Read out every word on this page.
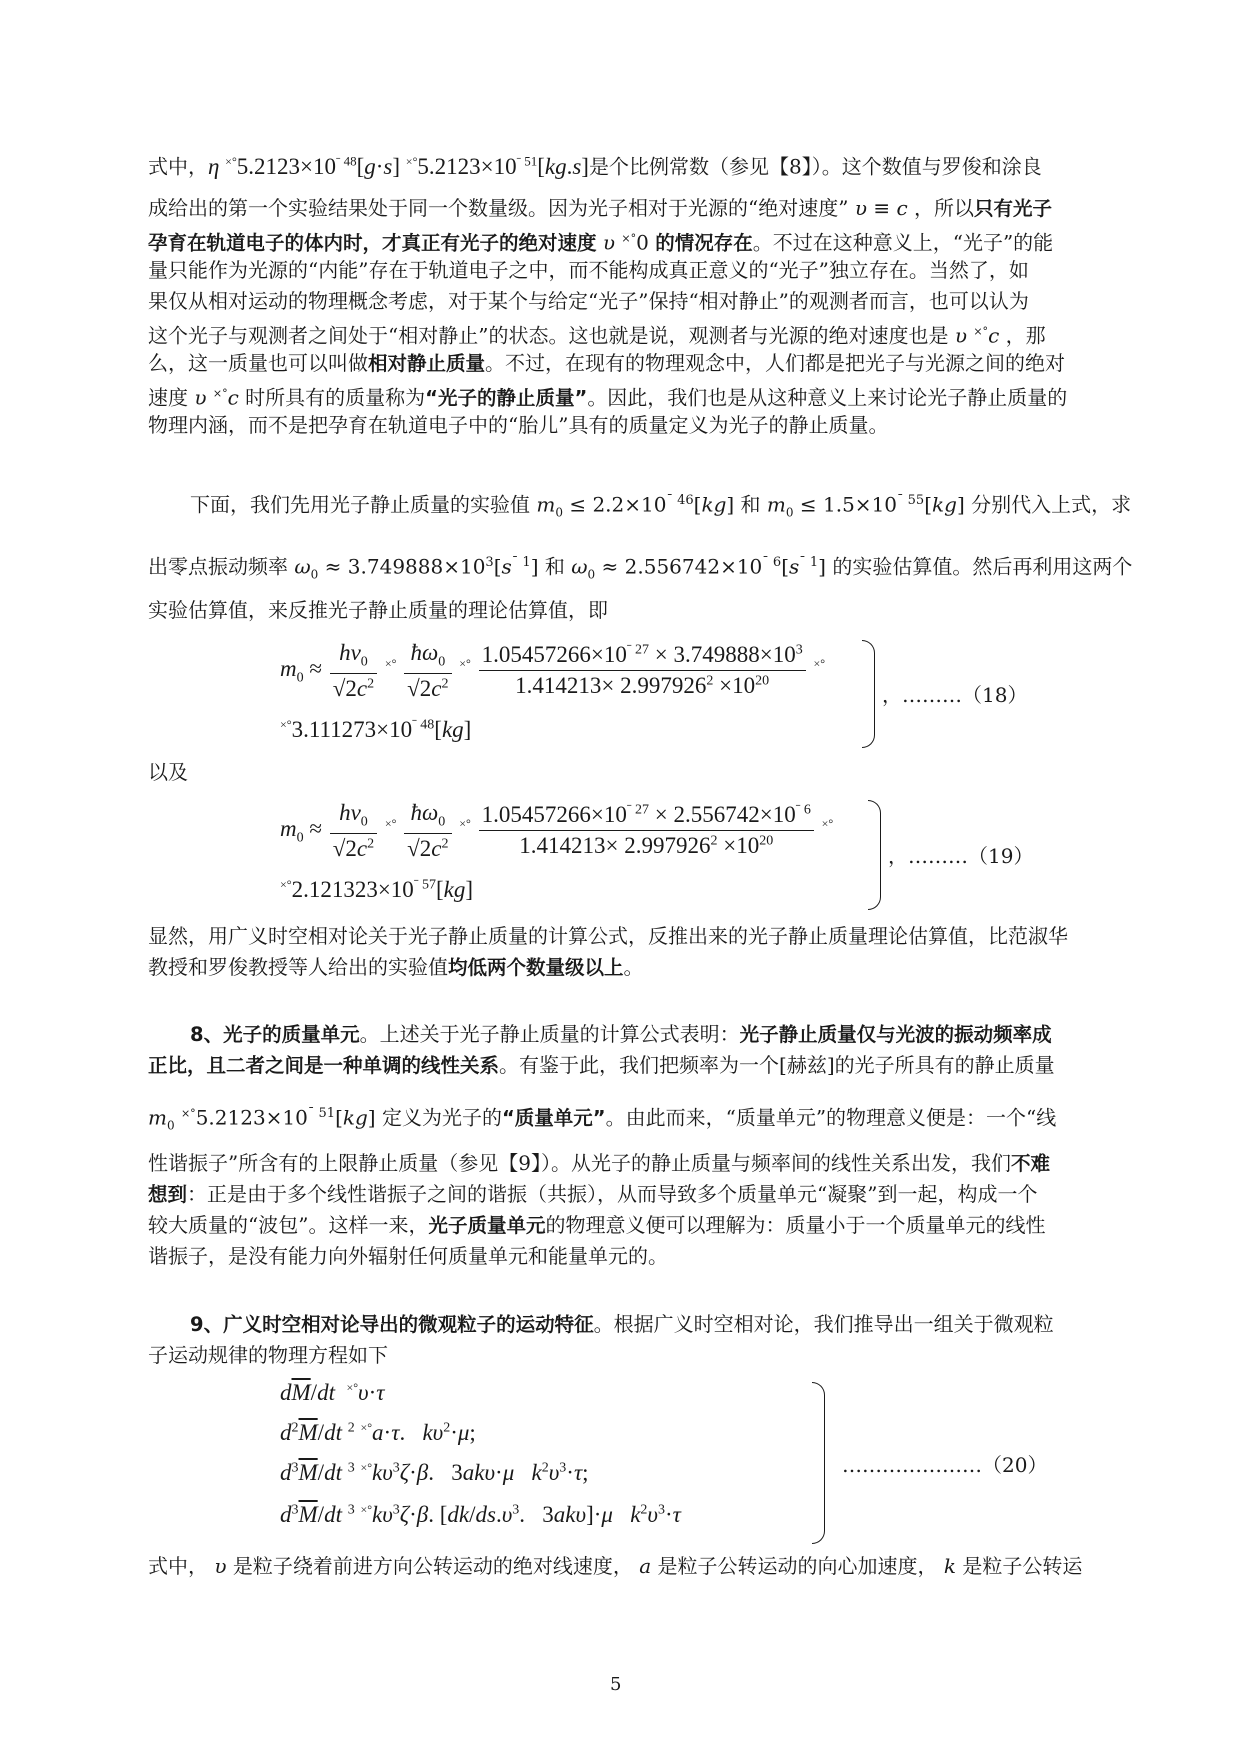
式中，η $^{\times^\circ}5.2123\times 10^{ˉ 48}[g\cdot s]$ $^{\times^\circ}5.2123\times 10^{ˉ 51}[kg.s]$是个比例常数（参见【8】）。这个数值与罗俊和涂良
成给出的第一个实验结果处于同一个数量级。因为光子相对于光源的“绝对速度” υ ≡ c ，所以只有光子
孕育在轨道电子的体内时，才真正有光子的绝对速度 υ ×°0 的情况存在。不过在这种意义上，“光子”的能
量只能作为光源的“内能”存在于轨道电子之中，而不能构成真正意义的“光子”独立存在。当然了，如
果仅从相对运动的物理概念考虑，对于某个与给定“光子”保持“相对静止”的观测者而言，也可以认为
这个光子与观测者之间处于“相对静止”的状态。这也就是说，观测者与光源的绝对速度也是 υ ×°c ，那
么，这一质量也可以叫做相对静止质量。不过，在现有的物理观念中，人们都是把光子与光源之间的绝对
速度 υ ×°c 时所具有的质量称为“光子的静止质量”。因此，我们也是从这种意义上来讨论光子静止质量的
物理内涵，而不是把孕育在轨道电子中的“胎儿”具有的质量定义为光子的静止质量。
下面，我们先用光子静止质量的实验值 $m_0 \le 2.2\times 10^{ˉ 46}[kg]$ 和 $m_0 \le 1.5\times 10^{ˉ 55}[kg]$ 分别代入上式，求
出零点振动频率 $\omega_0 \approx 3.749888\times 10^3[s^{ˉ 1}]$ 和 $\omega_0 \approx 2.556742\times 10^{ˉ 6}[s^{ˉ 1}]$ 的实验估算值。然后再利用这两个
实验估算值，来反推光子静止质量的理论估算值，即
$m_0 \approx \frac{h\nu_0}{√2c^2} ^{\times^\circ} \frac{ħ\omega_0}{√2c^2} ^{\times^\circ} \frac{1.05457266\times 10^{ˉ 27} \times 3.749888\times 10^3}{1.414213\times 2.997926^2 \times 10^{20}} ^{\times^\circ}$
$^{\times^\circ}3.111273\times 10^{ˉ 48}[kg]$
，………（18）
以及
$m_0 \approx \frac{h\nu_0}{√2c^2} ^{\times^\circ} \frac{ħ\omega_0}{√2c^2} ^{\times^\circ} \frac{1.05457266\times 10^{ˉ 27} \times 2.556742\times 10^{ˉ 6}}{1.414213\times 2.997926^2 \times 10^{20}} ^{\times^\circ}$
$^{\times^\circ}2.121323\times 10^{ˉ 57}[kg]$
，………（19）
显然，用广义时空相对论关于光子静止质量的计算公式，反推出来的光子静止质量理论估算值，比范淑华
教授和罗俊教授等人给出的实验值均低两个数量级以上。
8、光子的质量单元。上述关于光子静止质量的计算公式表明：光子静止质量仅与光波的振动频率成
正比，且二者之间是一种单调的线性关系。有鉴于此，我们把频率为一个[赫兹]的光子所具有的静止质量
$m_0$ $^{\times^\circ}5.2123\times 10^{ˉ 51}[kg]$ 定义为光子的“质量单元”。由此而来，“质量单元”的物理意义便是：一个“线
性谐振子”所含有的上限静止质量（参见【9】）。从光子的静止质量与频率间的线性关系出发，我们不难
想到：正是由于多个线性谐振子之间的谐振（共振），从而导致多个质量单元“凝聚”到一起，构成一个
较大质量的“波包”。这样一来，光子质量单元的物理意义便可以理解为：质量小于一个质量单元的线性
谐振子，是没有能力向外辐射任何质量单元和能量单元的。
9、广义时空相对论导出的微观粒子的运动特征。根据广义时空相对论，我们推导出一组关于微观粒
子运动规律的物理方程如下
$d\overline{M}/dt$ ×°υ·τ
$d^2\overline{M}/dt$ $^2$ ×°a·τ.   $k\upsilon^2\cdot\mu$;
$d^3\overline{M}/dt$ $^3$ $^{\times^\circ}k\upsilon^3\zeta\cdot\beta$.   3akυ·μ $k^2\upsilon^3\cdot\tau$;
$d^3\overline{M}/dt$ $^3$ $^{\times^\circ}k\upsilon^3\zeta\cdot\beta$. [$dk/ds.\upsilon^3$.   3akυ]·μ $k^2\upsilon^3\cdot\tau$
…………………（20）
式中， υ 是粒子绕着前进方向公转运动的绝对线速度， a 是粒子公转运动的向心加速度， k 是粒子公转运
5
